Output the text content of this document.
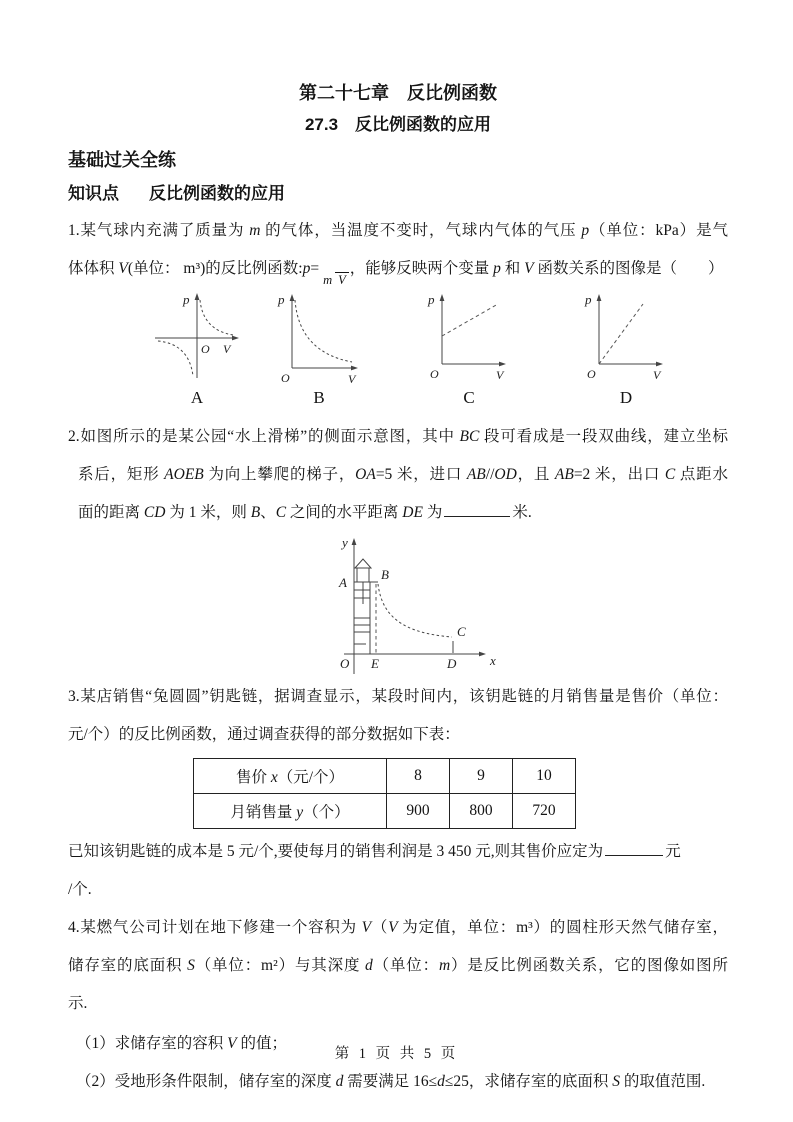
第二十七章　反比例函数
27.3　反比例函数的应用
基础过关全练
知识点 反比例函数的应用
1.某气球内充满了质量为 m 的气体，当温度不变时，气球内气体的气压 p（单位：kPa）是气
体体积 V(单位： m³)的反比例函数:p=m V，能够反映两个变量 p 和 V 函数关系的图像是（　　）
p
O V
A
p
O	V
B
p
O	V
C
p
O	V
D
2.如图所示的是某公园“水上滑梯”的侧面示意图，其中 BC 段可看成是一段双曲线，建立坐标
系后，矩形 AOEB 为向上攀爬的梯子，OA=5 米，进口 AB//OD，且 AB=2 米，出口 C 点距水
面的距离 CD 为 1 米，则 B、C 之间的水平距离 DE 为	米.
y
x
O
A
B
E
C
D
3.某店销售“兔圆圆”钥匙链，据调查显示，某段时间内，该钥匙链的月销售量是售价（单位：
元/个）的反比例函数，通过调查获得的部分数据如下表：
售价 x（元/个）	8	9	10
月销售量 y（个）	900	800	720
已知该钥匙链的成本是 5 元/个,要使每月的销售利润是 3 450 元,则其售价应定为	元
/个.
4.某燃气公司计划在地下修建一个容积为 V（V 为定值，单位：m³）的圆柱形天然气储存室，
储存室的底面积 S（单位：m²）与其深度 d（单位：m）是反比例函数关系，它的图像如图所
示.
（1）求储存室的容积 V 的值；
（2）受地形条件限制，储存室的深度 d 需要满足 16≤d≤25，求储存室的底面积 S 的取值范围.
第 1 页 共 5 页
